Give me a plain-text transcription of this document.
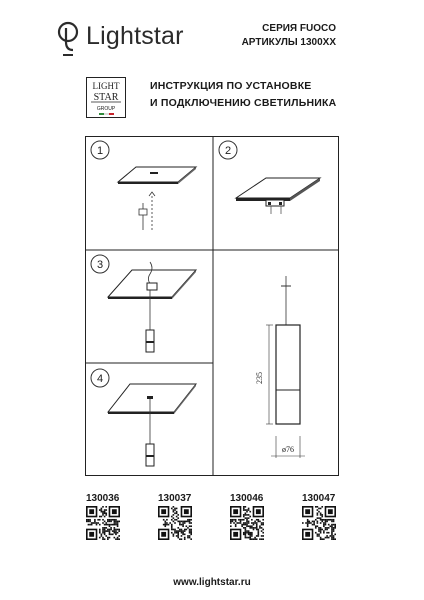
Lightstar	СЕРИЯ FUOCO
АРТИКУЛЫ 1300XX
LIGHT
STAR
GROUP
ИНСТРУКЦИЯ ПО УСТАНОВКЕ
И ПОДКЛЮЧЕНИЮ СВЕТИЛЬНИКА
1	2
3
4	235
ø76
130036	130037	130046	130047
www.lightstar.ru
